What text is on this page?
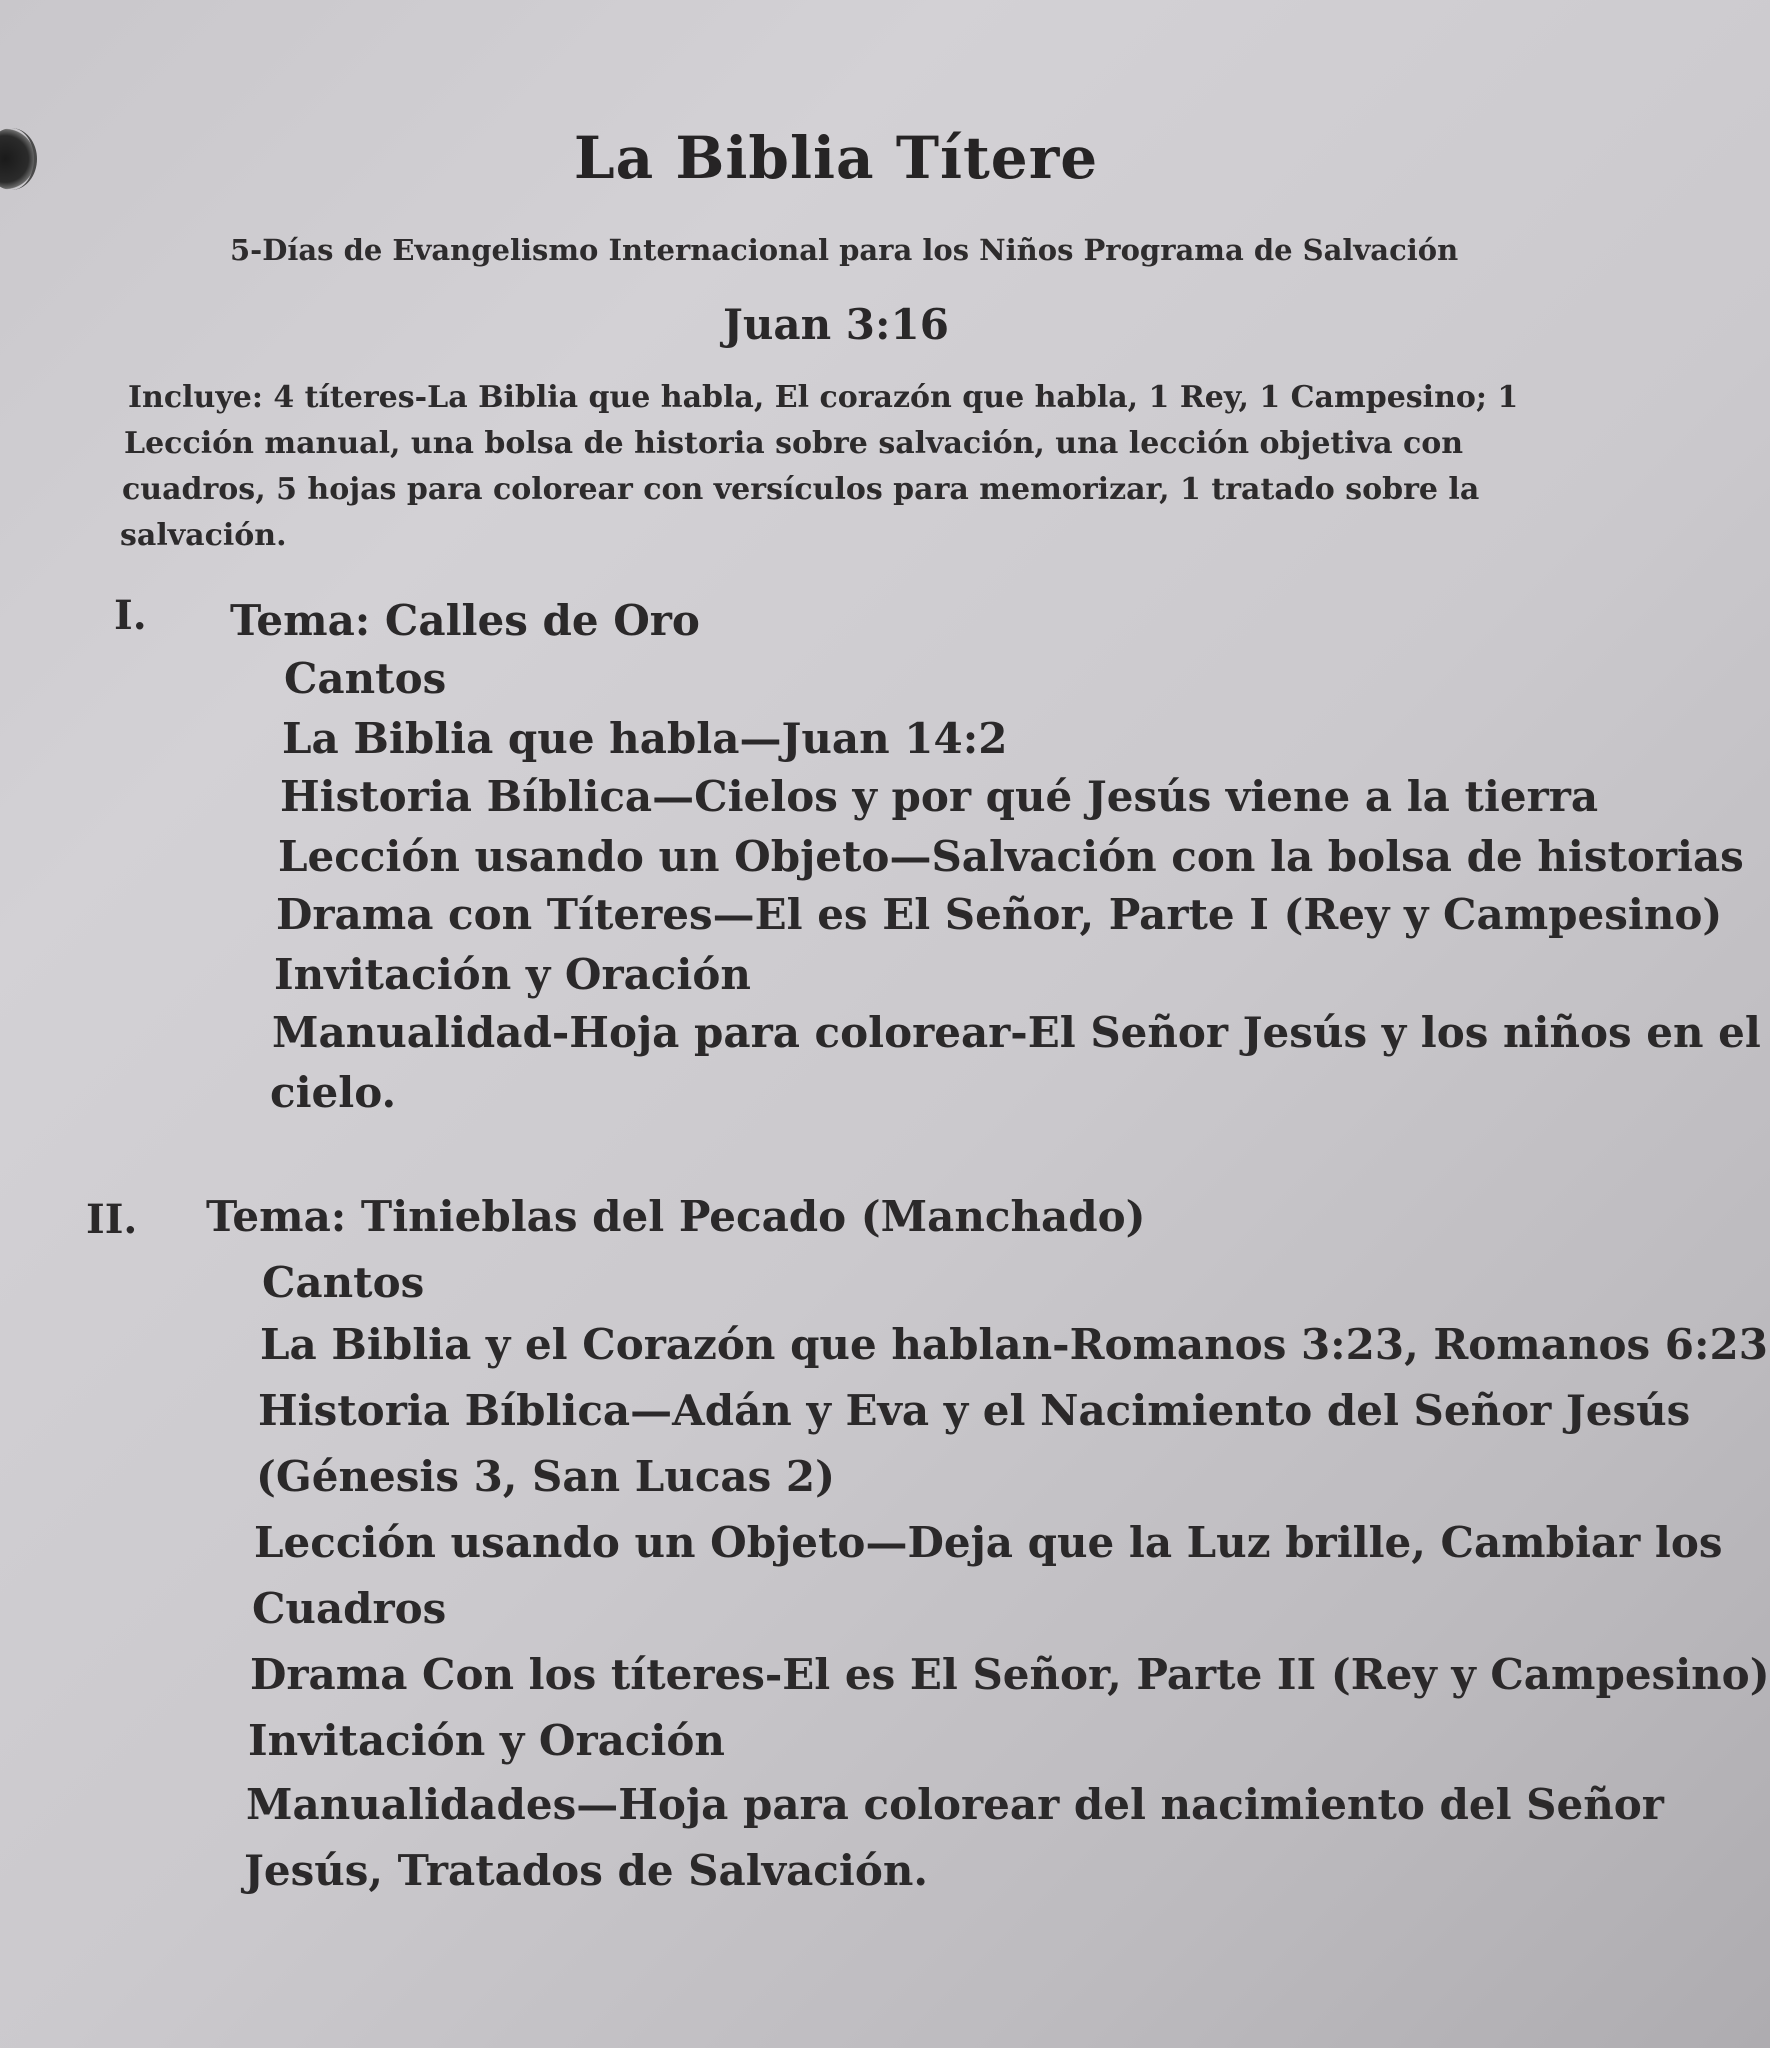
La Biblia Títere
5-Días de Evangelismo Internacional para los Niños Programa de Salvación
Juan 3:16
Incluye: 4 títeres-La Biblia que habla, El corazón que habla, 1 Rey, 1 Campesino; 1
Lección manual, una bolsa de historia sobre salvación, una lección objetiva con
cuadros, 5 hojas para colorear con versículos para memorizar, 1 tratado sobre la
salvación.
I. Tema: Calles de Oro
Cantos
La Biblia que habla—Juan 14:2
Historia Bíblica—Cielos y por qué Jesús viene a la tierra
Lección usando un Objeto—Salvación con la bolsa de historias
Drama con Títeres—El es El Señor, Parte I (Rey y Campesino)
Invitación y Oración
Manualidad-Hoja para colorear-El Señor Jesús y los niños en el
cielo.
II. Tema: Tinieblas del Pecado (Manchado)
Cantos
La Biblia y el Corazón que hablan-Romanos 3:23, Romanos 6:23
Historia Bíblica—Adán y Eva y el Nacimiento del Señor Jesús
(Génesis 3, San Lucas 2)
Lección usando un Objeto—Deja que la Luz brille, Cambiar los
Cuadros
Drama Con los títeres-El es El Señor, Parte II (Rey y Campesino)
Invitación y Oración
Manualidades—Hoja para colorear del nacimiento del Señor
Jesús, Tratados de Salvación.
